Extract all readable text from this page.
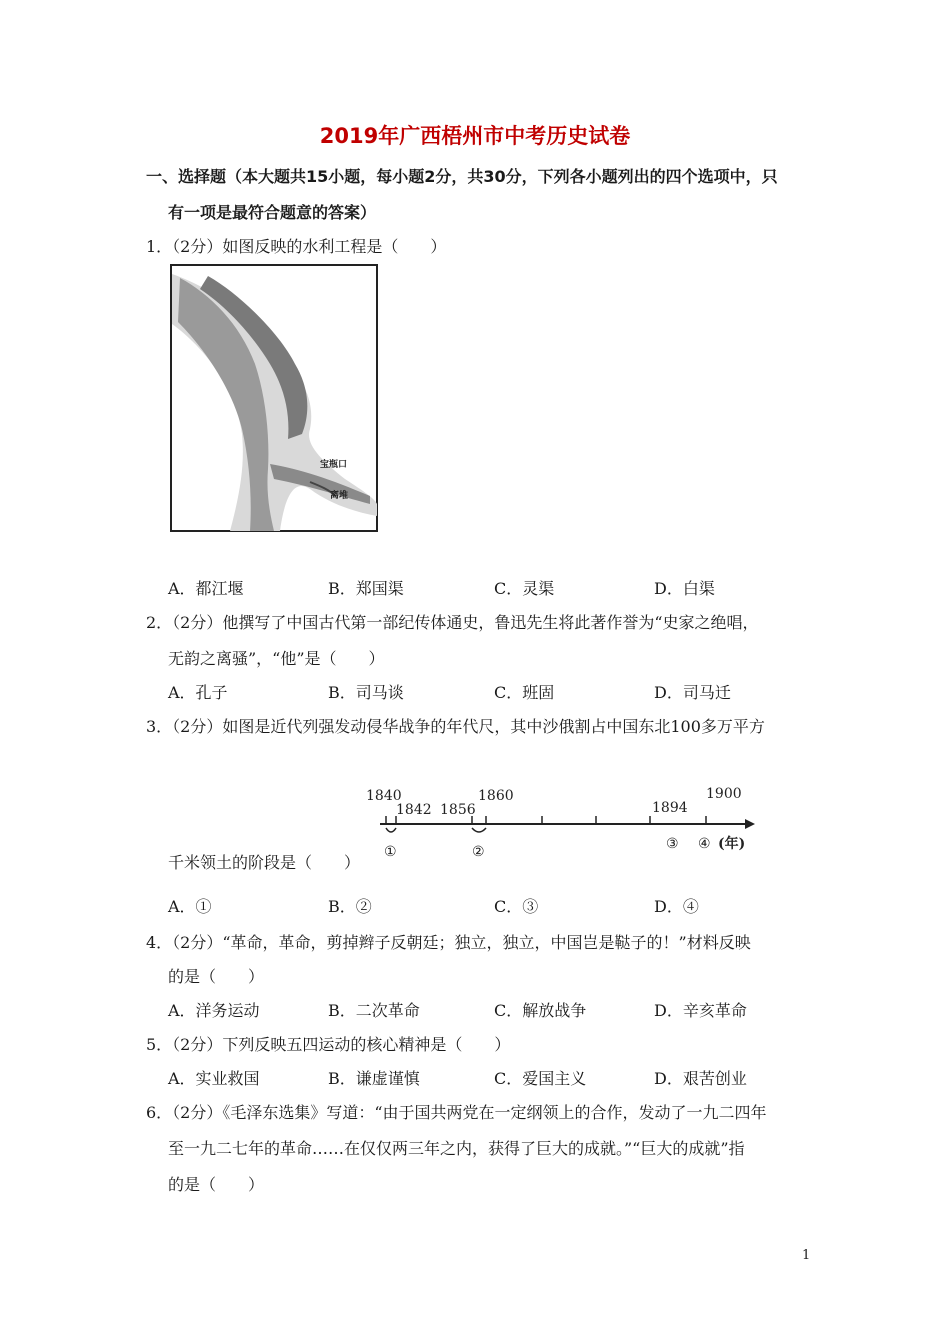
2019年广西梧州市中考历史试卷
一、选择题（本大题共15小题，每小题2分，共30分，下列各小题列出的四个选项中，只
有一项是最符合题意的答案）
1．（2分）如图反映的水利工程是（　　）
宝瓶口
离堆
A．都江堰	B．郑国渠	C．灵渠	D．白渠
2．（2分）他撰写了中国古代第一部纪传体通史，鲁迅先生将此著作誉为“史家之绝唱，
无韵之离骚”，“他”是（　　）
A．孔子	B．司马谈	C．班固	D．司马迁
3．（2分）如图是近代列强发动侵华战争的年代尺，其中沙俄割占中国东北100多万平方
1840
1842 1856
1860
1894
1900
①	②	③ ④ (年)
千米领土的阶段是（　　）
A．①	B．②	C．③	D．④
4．（2分）“革命，革命，剪掉辫子反朝廷；独立，独立，中国岂是鞑子的！”材料反映
的是（　　）
A．洋务运动	B．二次革命	C．解放战争	D．辛亥革命
5．（2分）下列反映五四运动的核心精神是（　　）
A．实业救国	B．谦虚谨慎	C．爱国主义	D．艰苦创业
6．（2分）《毛泽东选集》写道：“由于国共两党在一定纲领上的合作，发动了一九二四年
至一九二七年的革命……在仅仅两三年之内，获得了巨大的成就。”“巨大的成就”指
的是（　　）
1
